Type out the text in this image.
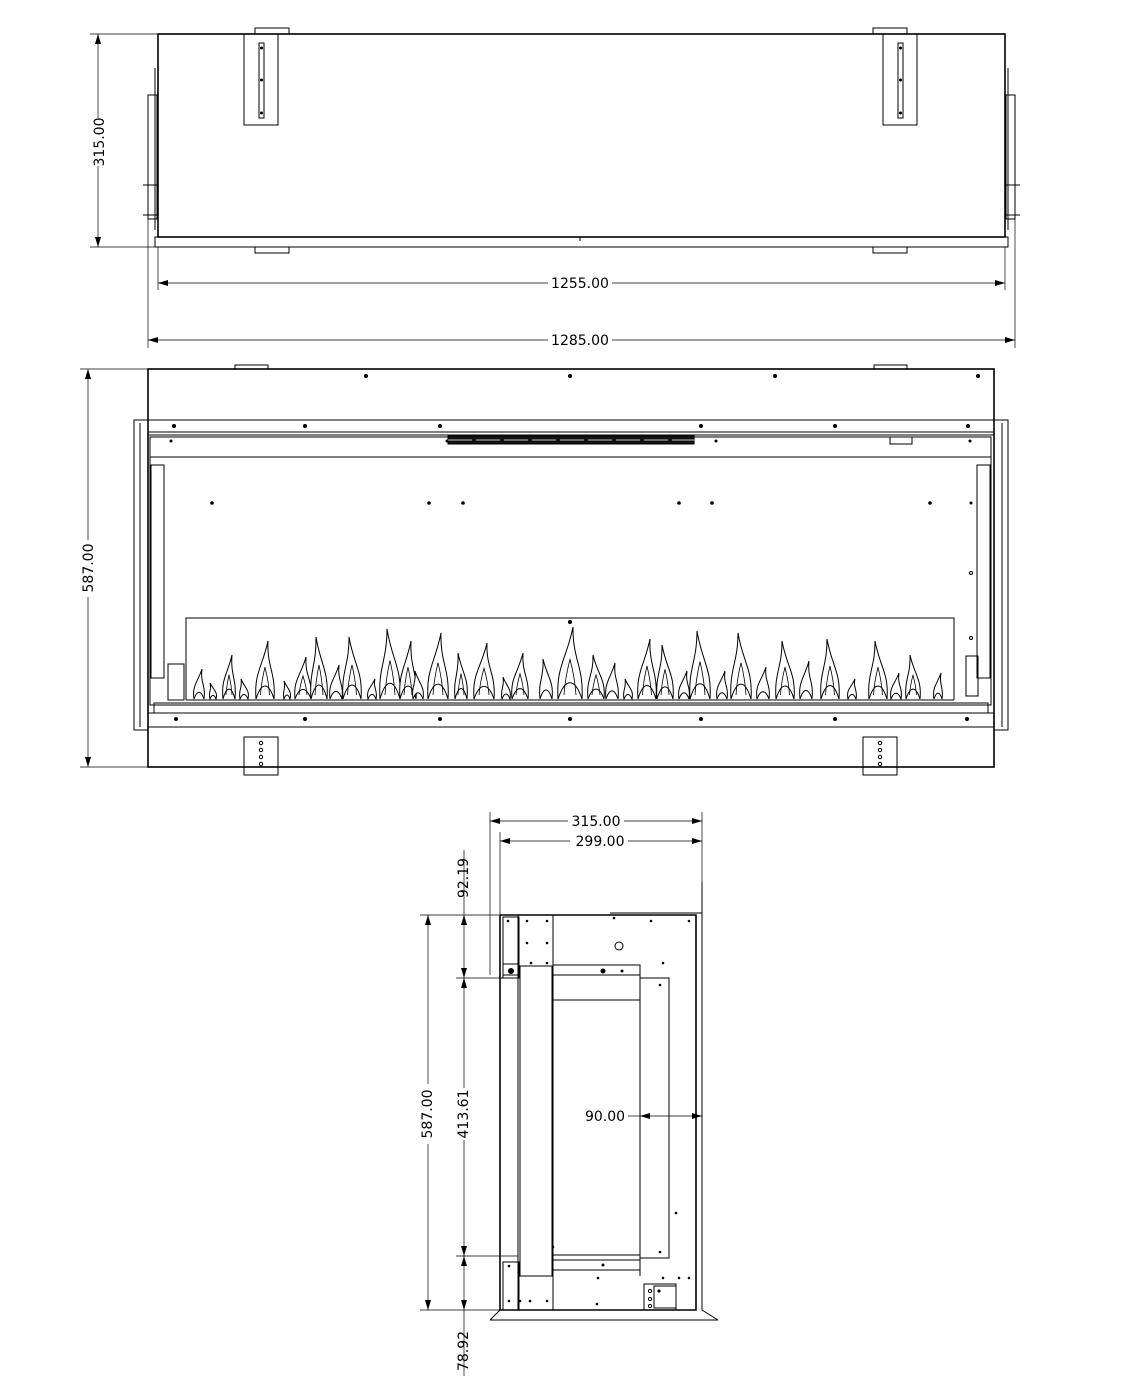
315.00
1255.00
1285.00
587.00
315.00
299.00
587.00
92.19
413.61
78.92
90.00
